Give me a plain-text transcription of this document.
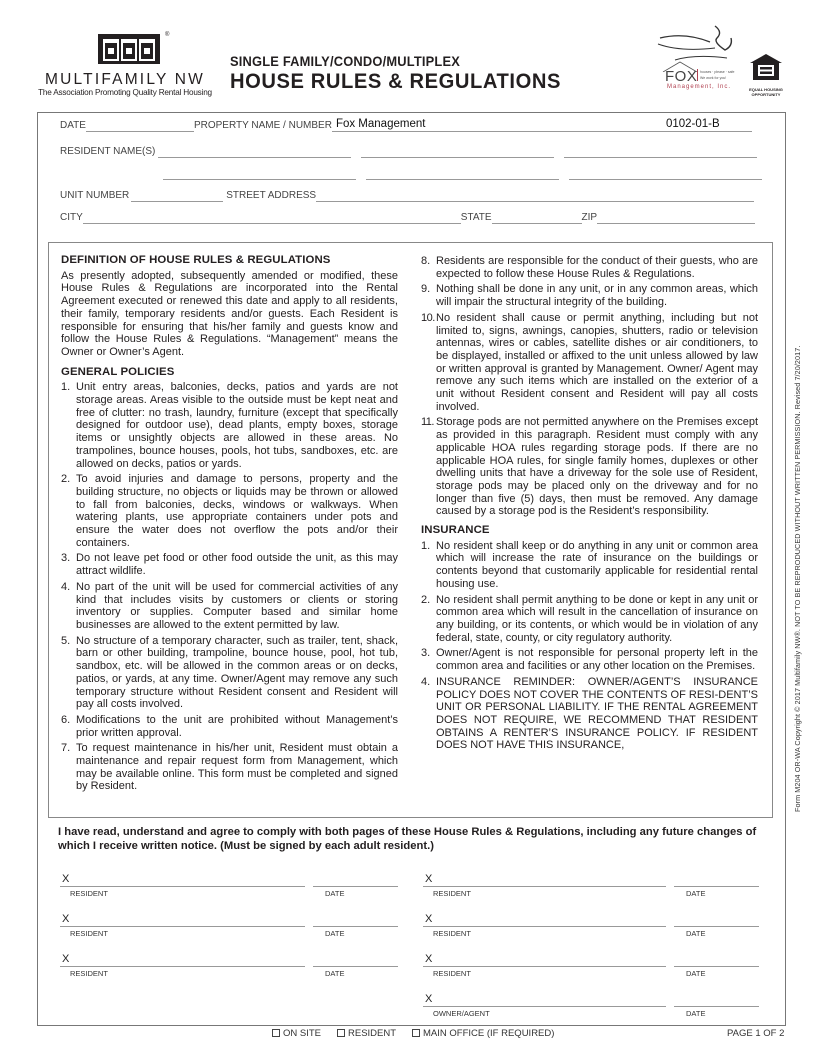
®
MULTIFAMILY NW
The Association Promoting Quality Rental Housing
SINGLE FAMILY/CONDO/MULTIPLEX
HOUSE RULES & REGULATIONS	FOX houses · please · safe
We work for you!
Management, Inc.	EQUAL HOUSING
OPPORTUNITY
DATE	PROPERTY NAME / NUMBER Fox Management	0102-01-B
RESIDENT NAME(S)
UNIT NUMBER	STREET ADDRESS
CITY	STATE	ZIP
DEFINITION OF HOUSE RULES & REGULATIONS

As presently adopted, subsequently amended or modified, these House Rules & Regulations are incorporated into the Rental Agreement executed or renewed this date and apply to all residents, their family, temporary residents and/or guests. Each Resident is responsible for ensuring that his/her family and guests know and follow the House Rules & Regulations. “Management” means the Owner or Owner’s Agent.

GENERAL POLICIES
1. Unit entry areas, balconies, decks, patios and yards are not storage areas. Areas visible to the outside must be kept neat and free of clutter: no trash, laundry, furniture (except that specifically designed for outdoor use), dead plants, empty boxes, storage items or unsightly objects are allowed in these areas. No trampolines, bounce houses, pools, hot tubs, sandboxes, etc. are allowed on decks, patios or yards.
2. To avoid injuries and damage to persons, property and the building structure, no objects or liquids may be thrown or allowed to fall from balconies, decks, windows or walkways. When watering plants, use appropriate containers under pots and ensure the water does not overflow the pots and/or their containers.
3. Do not leave pet food or other food outside the unit, as this may attract wildlife.
4. No part of the unit will be used for commercial activities of any kind that includes visits by customers or clients or storing inventory or supplies. Computer based and similar home businesses are allowed to the extent permitted by law.
5. No structure of a temporary character, such as trailer, tent, shack, barn or other building, trampoline, bounce house, pool, hot tub, sandbox, etc. will be allowed in the common areas or on decks, patios, or yards, at any time. Owner/Agent may remove any such temporary structure without Resident consent and Resident will pay all costs involved.
6. Modifications to the unit are prohibited without Management’s prior written approval.
7. To request maintenance in his/her unit, Resident must obtain a maintenance and repair request form from Management, which may be available online. This form must be completed and signed by Resident.
8. Residents are responsible for the conduct of their guests, who are expected to follow these House Rules & Regulations.
9. Nothing shall be done in any unit, or in any common areas, which will impair the structural integrity of the building.
10. No resident shall cause or permit anything, including but not limited to, signs, awnings, canopies, shutters, radio or television antennas, wires or cables, satellite dishes or air conditioners, to be displayed, installed or affixed to the unit unless allowed by law or written approval is granted by Management. Owner/ Agent may remove any such items which are installed on the exterior of a unit without Resident consent and Resident will pay all costs involved.
11. Storage pods are not permitted anywhere on the Premises except as provided in this paragraph. Resident must comply with any applicable HOA rules regarding storage pods. If there are no applicable HOA rules, for single family homes, duplexes or other dwelling units that have a driveway for the sole use of Resident, storage pods may be placed only on the driveway and for no longer than five (5) days, then must be removed. Any damage caused by a storage pod is the Resident’s responsibility.
INSURANCE
1. No resident shall keep or do anything in any unit or common area which will increase the rate of insurance on the buildings or contents beyond that customarily applicable for residential rental housing use.
2. No resident shall permit anything to be done or kept in any unit or common area which will result in the cancellation of insurance on any building, or its contents, or which would be in violation of any federal, state, county, or city regulatory authority.
3. Owner/Agent is not responsible for personal property left in the common area and facilities or any other location on the Premises.
4. INSURANCE REMINDER: OWNER/AGENT’S INSURANCE POLICY DOES NOT COVER THE CONTENTS OF RESI-DENT’S UNIT OR PERSONAL LIABILITY. IF THE RENTAL AGREEMENT DOES NOT REQUIRE, WE RECOMMEND THAT RESIDENT OBTAINS A RENTER’S INSURANCE POLICY. IF RESIDENT DOES NOT HAVE THIS INSURANCE,	Form M204 OR-WA Copyright © 2017 Multifamily NW®. NOT TO BE REPRODUCED WITHOUT WRITTEN PERMISSION. Revised 7/20/2017.
I have read, understand and agree to comply with both pages of these House Rules & Regulations, including any future changes of which I receive written notice. (Must be signed by each adult resident.)
X
RESIDENT	DATE
X
RESIDENT	DATE
X
RESIDENT	DATE
X
RESIDENT	DATE
X
RESIDENT	DATE
X
RESIDENT	DATE
X
OWNER/AGENT	DATE
ON SITE	RESIDENT	MAIN OFFICE (IF REQUIRED)	PAGE 1 OF 2
